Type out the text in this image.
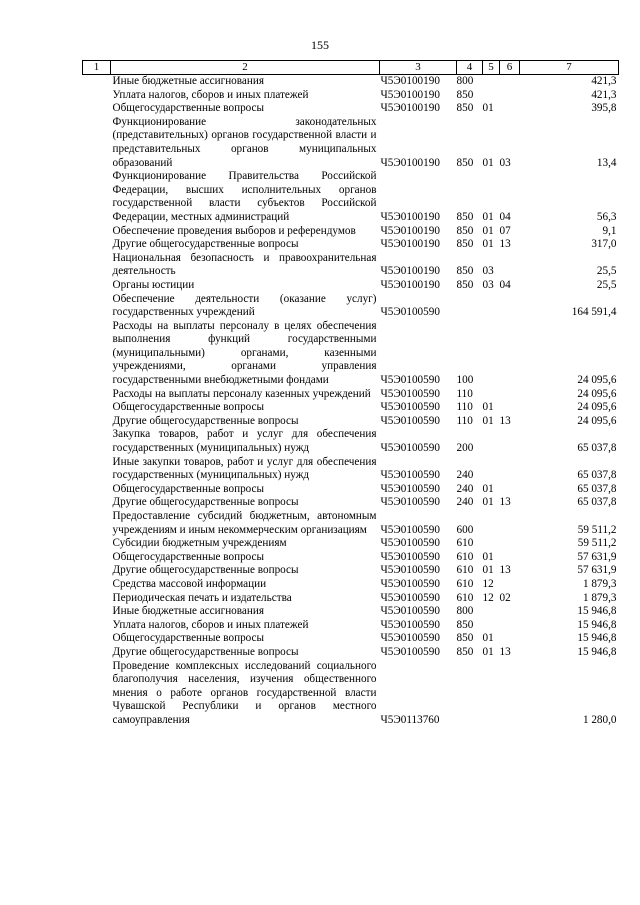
155
1	2	3	4	5	6	7
	Иные бюджетные ассигнования	Ч5Э0100190	800			421,3
	Уплата налогов, сборов и иных платежей	Ч5Э0100190	850			421,3
	Общегосударственные вопросы	Ч5Э0100190	850	01		395,8
	Функционирование законодательных (представительных) органов государственной власти и представительных органов муниципальных образований	Ч5Э0100190	850	01	03	13,4
	Функционирование Правительства Российской Федерации, высших исполнительных органов государственной власти субъектов Российской Федерации, местных администраций	Ч5Э0100190	850	01	04	56,3
	Обеспечение проведения выборов и референдумов	Ч5Э0100190	850	01	07	9,1
	Другие общегосударственные вопросы	Ч5Э0100190	850	01	13	317,0
	Национальная безопасность и правоохранительная деятельность	Ч5Э0100190	850	03		25,5
	Органы юстиции	Ч5Э0100190	850	03	04	25,5
	Обеспечение деятельности (оказание услуг) государственных учреждений	Ч5Э0100590				164 591,4
	Расходы на выплаты персоналу в целях обеспечения выполнения функций государственными (муниципальными) органами, казенными учреждениями, органами управления государственными внебюджетными фондами	Ч5Э0100590	100			24 095,6
	Расходы на выплаты персоналу казенных учреждений	Ч5Э0100590	110			24 095,6
	Общегосударственные вопросы	Ч5Э0100590	110	01		24 095,6
	Другие общегосударственные вопросы	Ч5Э0100590	110	01	13	24 095,6
	Закупка товаров, работ и услуг для обеспечения государственных (муниципальных) нужд	Ч5Э0100590	200			65 037,8
	Иные закупки товаров, работ и услуг для обеспечения государственных (муниципальных) нужд	Ч5Э0100590	240			65 037,8
	Общегосударственные вопросы	Ч5Э0100590	240	01		65 037,8
	Другие общегосударственные вопросы	Ч5Э0100590	240	01	13	65 037,8
	Предоставление субсидий бюджетным, автономным учреждениям и иным некоммерческим организациям	Ч5Э0100590	600			59 511,2
	Субсидии бюджетным учреждениям	Ч5Э0100590	610			59 511,2
	Общегосударственные вопросы	Ч5Э0100590	610	01		57 631,9
	Другие общегосударственные вопросы	Ч5Э0100590	610	01	13	57 631,9
	Средства массовой информации	Ч5Э0100590	610	12		1 879,3
	Периодическая печать и издательства	Ч5Э0100590	610	12	02	1 879,3
	Иные бюджетные ассигнования	Ч5Э0100590	800			15 946,8
	Уплата налогов, сборов и иных платежей	Ч5Э0100590	850			15 946,8
	Общегосударственные вопросы	Ч5Э0100590	850	01		15 946,8
	Другие общегосударственные вопросы	Ч5Э0100590	850	01	13	15 946,8
	Проведение комплексных исследований социального благополучия населения, изучения общественного мнения о работе органов государственной власти Чувашской Республики и органов местного самоуправления	Ч5Э0113760				1 280,0
